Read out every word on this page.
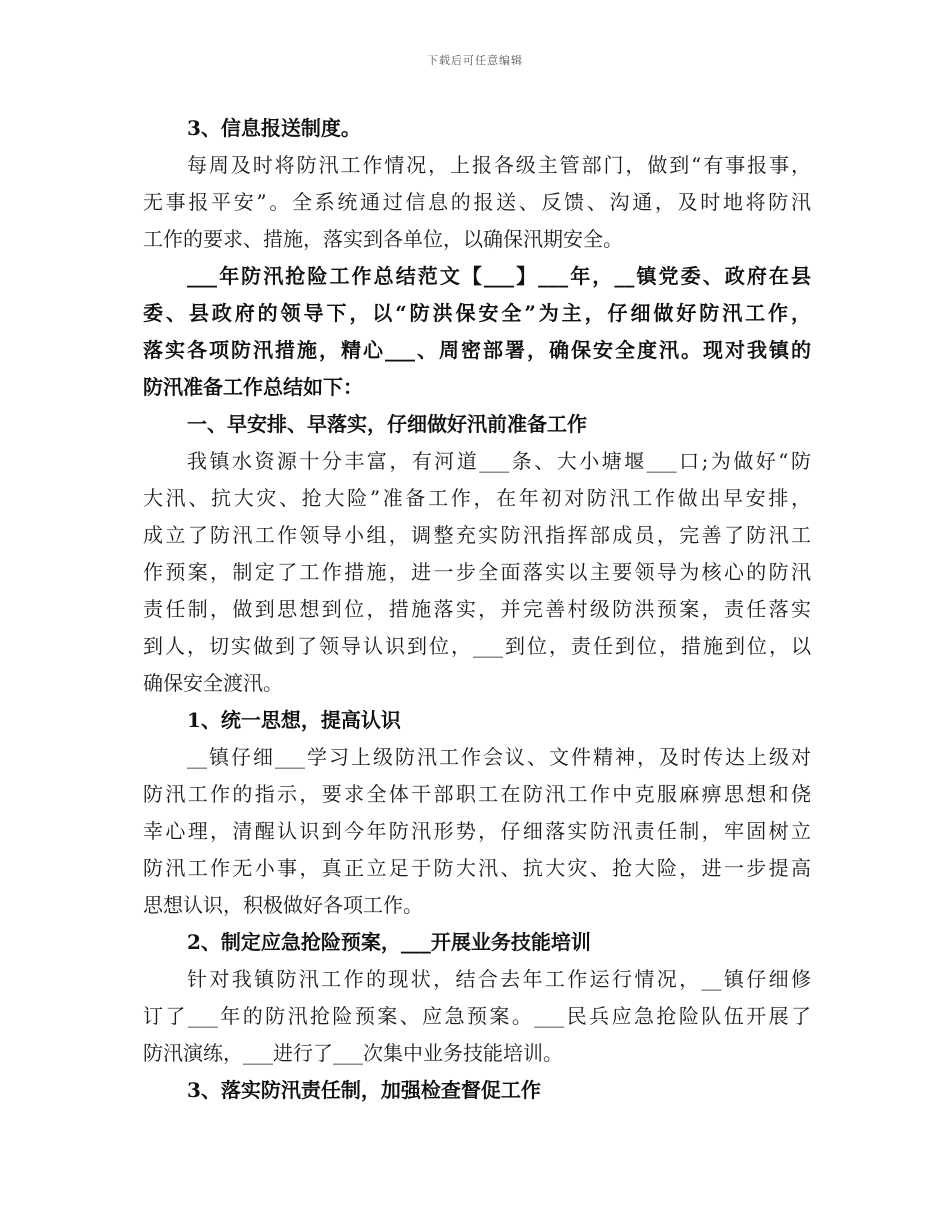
下载后可任意编辑
3、信息报送制度。
每周及时将防汛工作情况，上报各级主管部门，做到“有事报事，
无事报平安”。全系统通过信息的报送、反馈、沟通，及时地将防汛
工作的要求、措施，落实到各单位，以确保汛期安全。
___年防汛抢险工作总结范文【___】___年，__镇党委、政府在县
委、县政府的领导下，以“防洪保安全”为主，仔细做好防汛工作，
落实各项防汛措施，精心___、周密部署，确保安全度汛。现对我镇的
防汛准备工作总结如下：
一、早安排、早落实，仔细做好汛前准备工作
我镇水资源十分丰富，有河道___条、大小塘堰___口;为做好“防
大汛、抗大灾、抢大险”准备工作，在年初对防汛工作做出早安排，
成立了防汛工作领导小组，调整充实防汛指挥部成员，完善了防汛工
作预案，制定了工作措施，进一步全面落实以主要领导为核心的防汛
责任制，做到思想到位，措施落实，并完善村级防洪预案，责任落实
到人，切实做到了领导认识到位，___到位，责任到位，措施到位，以
确保安全渡汛。
1、统一思想，提高认识
__镇仔细___学习上级防汛工作会议、文件精神，及时传达上级对
防汛工作的指示，要求全体干部职工在防汛工作中克服麻痹思想和侥
幸心理，清醒认识到今年防汛形势，仔细落实防汛责任制，牢固树立
防汛工作无小事，真正立足于防大汛、抗大灾、抢大险，进一步提高
思想认识，积极做好各项工作。
2、制定应急抢险预案，___开展业务技能培训
针对我镇防汛工作的现状，结合去年工作运行情况，__镇仔细修
订了___年的防汛抢险预案、应急预案。___民兵应急抢险队伍开展了
防汛演练，___进行了___次集中业务技能培训。
3、落实防汛责任制，加强检查督促工作
